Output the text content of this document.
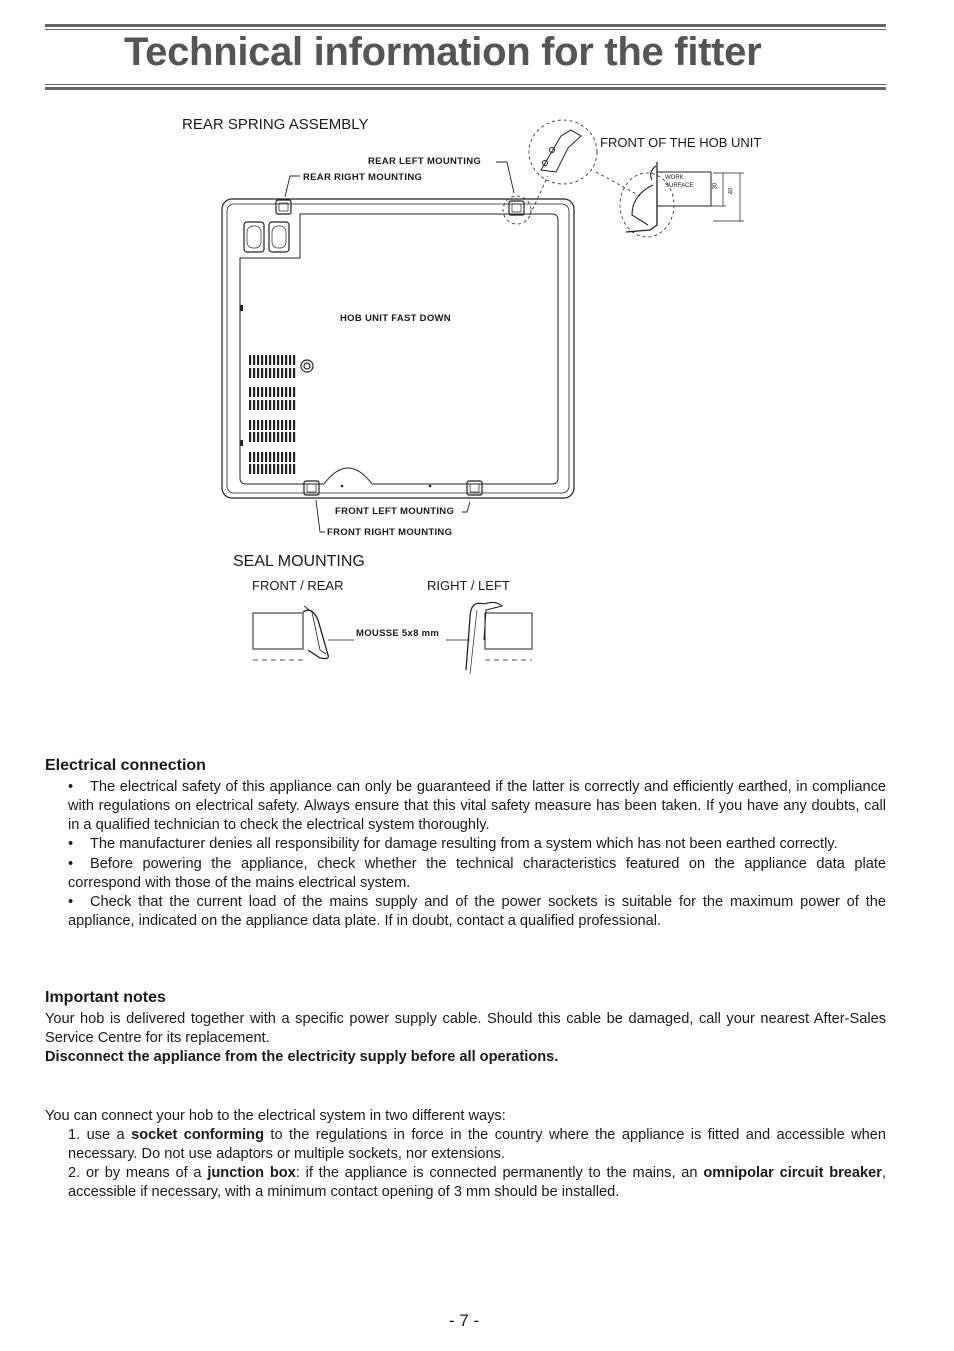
Technical information for the fitter
REAR SPRING ASSEMBLY
FRONT OF THE HOB UNIT
REAR LEFT MOUNTING
REAR RIGHT MOUNTING
HOB UNIT FAST DOWN
FRONT LEFT MOUNTING
FRONT RIGHT MOUNTING
WORK
SURFACE	30
40
SEAL MOUNTING
FRONT / REAR	RIGHT / LEFT
MOUSSE 5x8 mm
Electrical connection
• The electrical safety of this appliance can only be guaranteed if the latter is correctly and efficiently earthed, in compliance with regulations on electrical safety. Always ensure that this vital safety measure has been taken. If you have any doubts, call in a qualified technician to check the electrical system thoroughly.
• The manufacturer denies all responsibility for damage resulting from a system which has not been earthed correctly.
• Before powering the appliance, check whether the technical characteristics featured on the appliance data plate correspond with those of the mains electrical system.
• Check that the current load of the mains supply and of the power sockets is suitable for the maximum power of the appliance, indicated on the appliance data plate. If in doubt, contact a qualified professional.
Important notes

Your hob is delivered together with a specific power supply cable. Should this cable be damaged, call your nearest After-Sales Service Centre for its replacement.

Disconnect the appliance from the electricity supply before all operations.

You can connect your hob to the electrical system in two different ways:
1. use a socket conforming to the regulations in force in the country where the appliance is fitted and accessible when necessary. Do not use adaptors or multiple sockets, nor extensions.
2. or by means of a junction box: if the appliance is connected permanently to the mains, an omnipolar circuit breaker, accessible if necessary, with a minimum contact opening of 3 mm should be installed.
- 7 -
